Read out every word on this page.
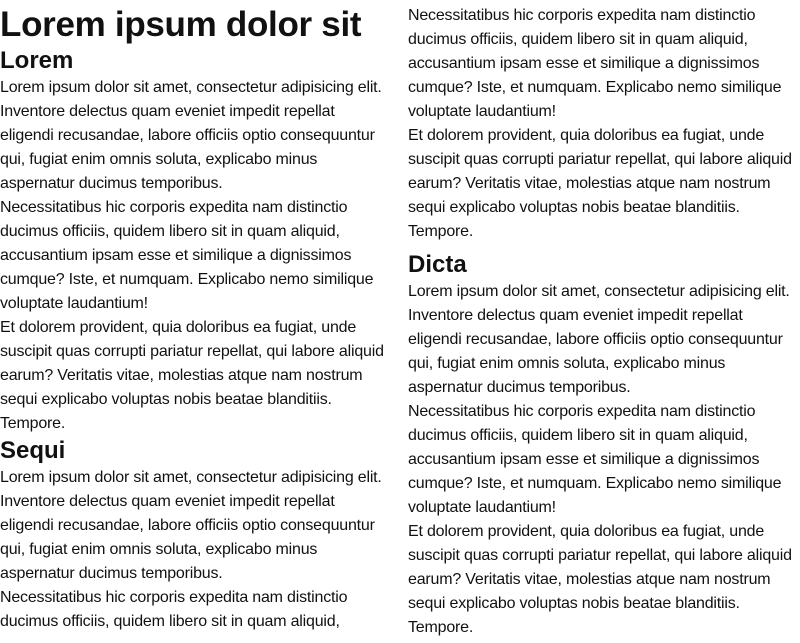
Lorem ipsum dolor sit
Lorem

Lorem ipsum dolor sit amet, consectetur adipisicing elit. Inventore delectus quam eveniet impedit repellat eligendi recusandae, labore officiis optio consequuntur qui, fugiat enim omnis soluta, explicabo minus aspernatur ducimus temporibus.

Necessitatibus hic corporis expedita nam distinctio ducimus officiis, quidem libero sit in quam aliquid, accusantium ipsam esse et similique a dignissimos cumque? Iste, et numquam. Explicabo nemo similique voluptate laudantium!

Et dolorem provident, quia doloribus ea fugiat, unde suscipit quas corrupti pariatur repellat, qui labore aliquid earum? Veritatis vitae, molestias atque nam nostrum sequi explicabo voluptas nobis beatae blanditiis. Tempore.

Sequi

Lorem ipsum dolor sit amet, consectetur adipisicing elit. Inventore delectus quam eveniet impedit repellat eligendi recusandae, labore officiis optio consequuntur qui, fugiat enim omnis soluta, explicabo minus aspernatur ducimus temporibus.

Necessitatibus hic corporis expedita nam distinctio ducimus officiis, quidem libero sit in quam aliquid,

Necessitatibus hic corporis expedita nam distinctio ducimus officiis, quidem libero sit in quam aliquid, accusantium ipsam esse et similique a dignissimos cumque? Iste, et numquam. Explicabo nemo similique voluptate laudantium!

Et dolorem provident, quia doloribus ea fugiat, unde suscipit quas corrupti pariatur repellat, qui labore aliquid earum? Veritatis vitae, molestias atque nam nostrum sequi explicabo voluptas nobis beatae blanditiis. Tempore.

Dicta

Lorem ipsum dolor sit amet, consectetur adipisicing elit. Inventore delectus quam eveniet impedit repellat eligendi recusandae, labore officiis optio consequuntur qui, fugiat enim omnis soluta, explicabo minus aspernatur ducimus temporibus.

Necessitatibus hic corporis expedita nam distinctio ducimus officiis, quidem libero sit in quam aliquid, accusantium ipsam esse et similique a dignissimos cumque? Iste, et numquam. Explicabo nemo similique voluptate laudantium!

Et dolorem provident, quia doloribus ea fugiat, unde suscipit quas corrupti pariatur repellat, qui labore aliquid earum? Veritatis vitae, molestias atque nam nostrum sequi explicabo voluptas nobis beatae blanditiis. Tempore.
